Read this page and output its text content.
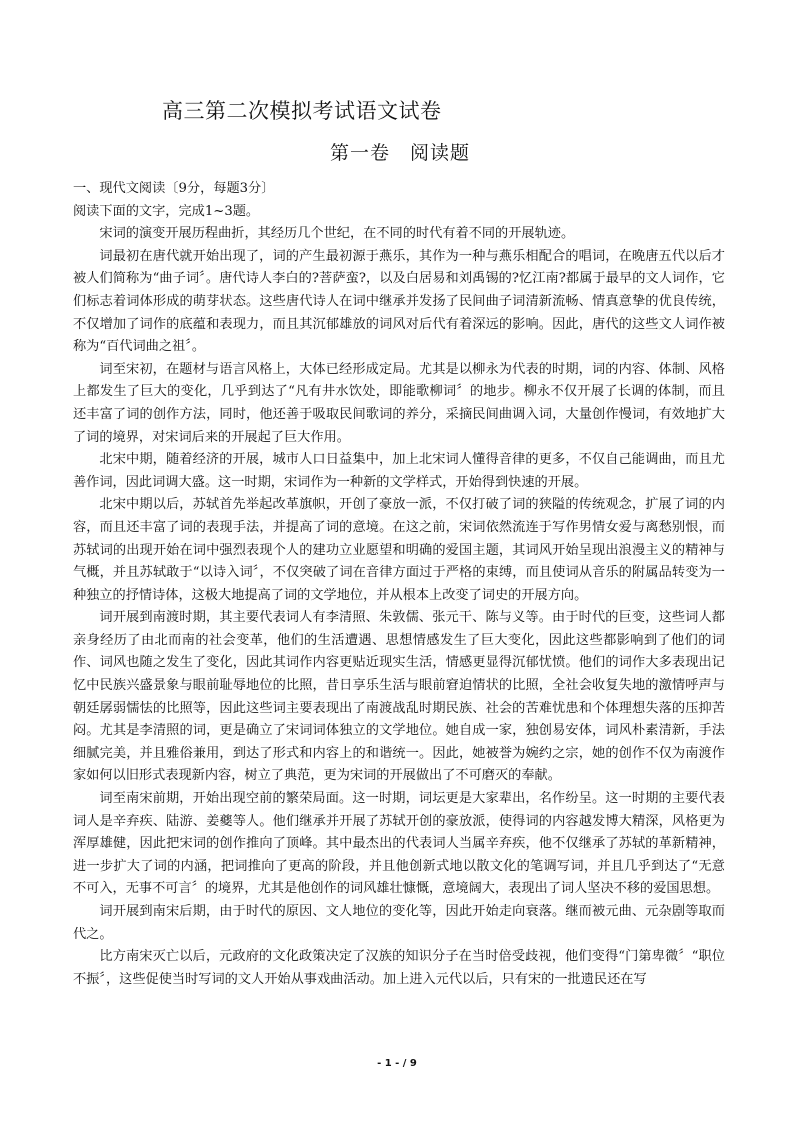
高三第二次模拟考试语文试卷
第一卷　阅读题

一、现代文阅读〔9分，每题3分〕

阅读下面的文字，完成1~3题。

宋词的演变开展历程曲折，其经历几个世纪，在不同的时代有着不同的开展轨迹。

词最初在唐代就开始出现了，词的产生最初源于燕乐，其作为一种与燕乐相配合的唱词，在晚唐五代以后才被人们简称为“曲子词〞。唐代诗人李白的?菩萨蛮?，以及白居易和刘禹锡的?忆江南?都属于最早的文人词作，它们标志着词体形成的萌芽状态。这些唐代诗人在词中继承并发扬了民间曲子词清新流畅、情真意挚的优良传统，不仅增加了词作的底蕴和表现力，而且其沉郁雄放的词风对后代有着深远的影响。因此，唐代的这些文人词作被称为“百代词曲之祖〞。

词至宋初，在题材与语言风格上，大体已经形成定局。尤其是以柳永为代表的时期，词的内容、体制、风格上都发生了巨大的变化，几乎到达了“凡有井水饮处，即能歌柳词〞的地步。柳永不仅开展了长调的体制，而且还丰富了词的创作方法，同时，他还善于吸取民间歌词的养分，采摘民间曲调入词，大量创作慢词，有效地扩大了词的境界，对宋词后来的开展起了巨大作用。

北宋中期，随着经济的开展，城市人口日益集中，加上北宋词人懂得音律的更多，不仅自己能调曲，而且尤善作词，因此词调大盛。这一时期，宋词作为一种新的文学样式，开始得到快速的开展。

北宋中期以后，苏轼首先举起改革旗帜，开创了豪放一派，不仅打破了词的狭隘的传统观念，扩展了词的内容，而且还丰富了词的表现手法，并提高了词的意境。在这之前，宋词依然流连于写作男情女爱与离愁别恨，而苏轼词的出现开始在词中强烈表现个人的建功立业愿望和明确的爱国主题，其词风开始呈现出浪漫主义的精神与气概，并且苏轼敢于“以诗入词〞，不仅突破了词在音律方面过于严格的束缚，而且使词从音乐的附属品转变为一种独立的抒情诗体，这极大地提高了词的文学地位，并从根本上改变了词史的开展方向。

词开展到南渡时期，其主要代表词人有李清照、朱敦儒、张元干、陈与义等。由于时代的巨变，这些词人都亲身经历了由北而南的社会变革，他们的生活遭遇、思想情感发生了巨大变化，因此这些都影响到了他们的词作、词风也随之发生了变化，因此其词作内容更贴近现实生活，情感更显得沉郁忧愤。他们的词作大多表现出记忆中民族兴盛景象与眼前耻辱地位的比照，昔日享乐生活与眼前窘迫情状的比照，全社会收复失地的激情呼声与朝廷孱弱懦怯的比照等，因此这些词主要表现出了南渡战乱时期民族、社会的苦难忧患和个体理想失落的压抑苦闷。尤其是李清照的词，更是确立了宋词词体独立的文学地位。她自成一家，独创易安体，词风朴素清新，手法细腻完美，并且雅俗兼用，到达了形式和内容上的和谐统一。因此，她被誉为婉约之宗，她的创作不仅为南渡作家如何以旧形式表现新内容，树立了典范，更为宋词的开展做出了不可磨灭的奉献。

词至南宋前期，开始出现空前的繁荣局面。这一时期，词坛更是大家辈出，名作纷呈。这一时期的主要代表词人是辛弃疾、陆游、姜夔等人。他们继承并开展了苏轼开创的豪放派，使得词的内容越发博大精深，风格更为浑厚雄健，因此把宋词的创作推向了顶峰。其中最杰出的代表词人当属辛弃疾，他不仅继承了苏轼的革新精神，进一步扩大了词的内涵，把词推向了更高的阶段，并且他创新式地以散文化的笔调写词，并且几乎到达了“无意不可入，无事不可言〞的境界，尤其是他创作的词风雄壮慷慨，意境阔大，表现出了词人坚决不移的爱国思想。

词开展到南宋后期，由于时代的原因、文人地位的变化等，因此开始走向衰落。继而被元曲、元杂剧等取而代之。

比方南宋灭亡以后，元政府的文化政策决定了汉族的知识分子在当时倍受歧视，他们变得“门第卑微〞“职位不振〞，这些促使当时写词的文人开始从事戏曲活动。加上进入元代以后，只有宋的一批遗民还在写

- 1 - / 9
